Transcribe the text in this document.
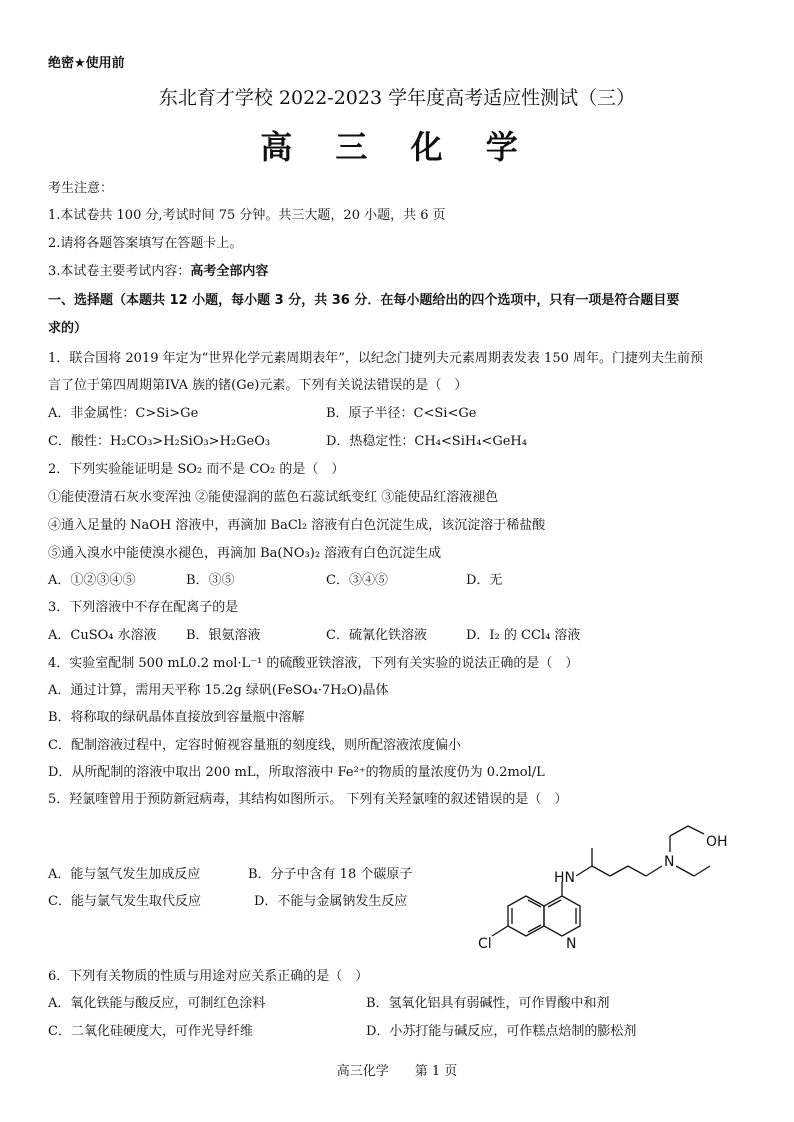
绝密★使用前
东北育才学校 2022-2023 学年度高考适应性测试（三）
高 三 化 学
考生注意：
1.本试卷共 100 分,考试时间 75 分钟。共三大题，20 小题，共 6 页
2.请将各题答案填写在答题卡上。
3.本试卷主要考试内容：高考全部内容
一、选择题（本题共 12 小题，每小题 3 分，共 36 分．在每小题给出的四个选项中，只有一项是符合题目要
求的）
1．联合国将 2019 年定为“世界化学元素周期表年”，以纪念门捷列夫元素周期表发表 150 周年。门捷列夫生前预
言了位于第四周期第IVA 族的锗(Ge)元素。下列有关说法错误的是（　）
A．非金属性：C>Si>Ge	B．原子半径：C<Si<Ge
C．酸性：H₂CO₃>H₂SiO₃>H₂GeO₃	D．热稳定性：CH₄<SiH₄<GeH₄
2．下列实验能证明是 SO₂ 而不是 CO₂ 的是（　）
①能使澄清石灰水变浑浊 ②能使湿润的蓝色石蕊试纸变红 ③能使品红溶液褪色
④通入足量的 NaOH 溶液中，再滴加 BaCl₂ 溶液有白色沉淀生成，该沉淀溶于稀盐酸
⑤通入溴水中能使溴水褪色，再滴加 Ba(NO₃)₂ 溶液有白色沉淀生成
A．①②③④⑤	B．③⑤	C．③④⑤	D．无
3．下列溶液中不存在配离子的是
A．CuSO₄ 水溶液 B．银氨溶液	C．硫氰化铁溶液	D．I₂ 的 CCl₄ 溶液
4．实验室配制 500 mL0.2 mol·L⁻¹ 的硫酸亚铁溶液，下列有关实验的说法正确的是（　）
A．通过计算，需用天平称 15.2g 绿矾(FeSO₄·7H₂O)晶体
B．将称取的绿矾晶体直接放到容量瓶中溶解
C．配制溶液过程中，定容时俯视容量瓶的刻度线，则所配溶液浓度偏小
D．从所配制的溶液中取出 200 mL，所取溶液中 Fe²⁺的物质的量浓度仍为 0.2mol/L
5．羟氯喹曾用于预防新冠病毒，其结构如图所示。 下列有关羟氯喹的叙述错误的是（　）
A．能与氢气发生加成反应	B．分子中含有 18 个碳原子
C．能与氯气发生取代反应	D．不能与金属钠发生反应
OH
N
HN
Cl	N
6．下列有关物质的性质与用途对应关系正确的是（　）
A．氧化铁能与酸反应，可制红色涂料	B．氢氧化铝具有弱碱性，可作胃酸中和剂
C．二氧化硅硬度大，可作光导纤维	D．小苏打能与碱反应，可作糕点焙制的膨松剂
高三化学　　第 1 页
